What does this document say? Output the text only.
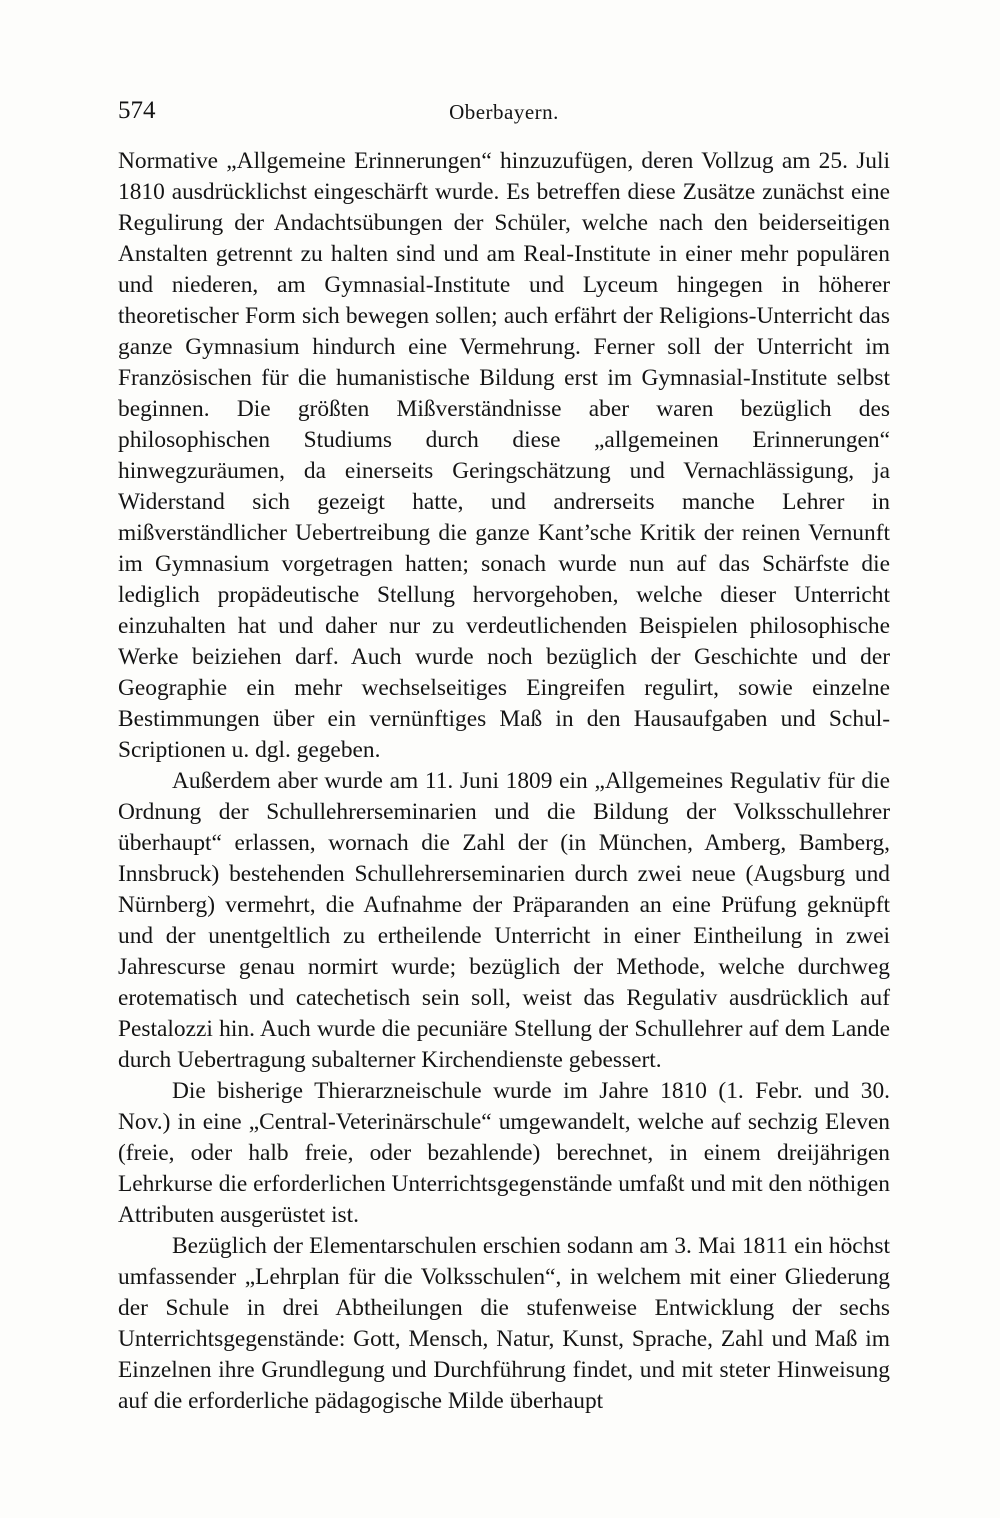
574	Oberbayern.

Normative „Allgemeine Erinnerungen“ hinzuzufügen, deren Vollzug am 25. Juli 1810 ausdrücklichst eingeschärft wurde. Es betreffen diese Zusätze zunächst eine Regulirung der Andachtsübungen der Schüler, welche nach den beiderseitigen Anstalten getrennt zu halten sind und am Real-Institute in einer mehr populären und niederen, am Gymnasial-Institute und Lyceum hingegen in höherer theoretischer Form sich bewegen sollen; auch erfährt der Religions-Unterricht das ganze Gymnasium hindurch eine Vermehrung. Ferner soll der Unterricht im Französischen für die humanistische Bildung erst im Gymnasial-Institute selbst beginnen. Die größten Mißverständnisse aber waren bezüglich des philosophischen Studiums durch diese „allgemeinen Erinnerungen“ hinwegzuräumen, da einerseits Geringschätzung und Vernachlässigung, ja Widerstand sich gezeigt hatte, und andrerseits manche Lehrer in mißverständlicher Uebertreibung die ganze Kant’sche Kritik der reinen Vernunft im Gymnasium vorgetragen hatten; sonach wurde nun auf das Schärfste die lediglich propädeutische Stellung hervorgehoben, welche dieser Unterricht einzuhalten hat und daher nur zu verdeutlichenden Beispielen philosophische Werke beiziehen darf. Auch wurde noch bezüglich der Geschichte und der Geographie ein mehr wechselseitiges Eingreifen regulirt, sowie einzelne Bestimmungen über ein vernünftiges Maß in den Hausaufgaben und Schul-Scriptionen u. dgl. gegeben.

Außerdem aber wurde am 11. Juni 1809 ein „Allgemeines Regulativ für die Ordnung der Schullehrerseminarien und die Bildung der Volksschullehrer überhaupt“ erlassen, wornach die Zahl der (in München, Amberg, Bamberg, Innsbruck) bestehenden Schullehrerseminarien durch zwei neue (Augsburg und Nürnberg) vermehrt, die Aufnahme der Präparanden an eine Prüfung geknüpft und der unentgeltlich zu ertheilende Unterricht in einer Eintheilung in zwei Jahrescurse genau normirt wurde; bezüglich der Methode, welche durchweg erotematisch und catechetisch sein soll, weist das Regulativ ausdrücklich auf Pestalozzi hin. Auch wurde die pecuniäre Stellung der Schullehrer auf dem Lande durch Uebertragung subalterner Kirchendienste gebessert.

Die bisherige Thierarzneischule wurde im Jahre 1810 (1. Febr. und 30. Nov.) in eine „Central-Veterinärschule“ umgewandelt, welche auf sechzig Eleven (freie, oder halb freie, oder bezahlende) berechnet, in einem dreijährigen Lehrkurse die erforderlichen Unterrichtsgegenstände umfaßt und mit den nöthigen Attributen ausgerüstet ist.

Bezüglich der Elementarschulen erschien sodann am 3. Mai 1811 ein höchst umfassender „Lehrplan für die Volksschulen“, in welchem mit einer Gliederung der Schule in drei Abtheilungen die stufenweise Entwicklung der sechs Unterrichtsgegenstände: Gott, Mensch, Natur, Kunst, Sprache, Zahl und Maß im Einzelnen ihre Grundlegung und Durchführung findet, und mit steter Hinweisung auf die erforderliche pädagogische Milde überhaupt
